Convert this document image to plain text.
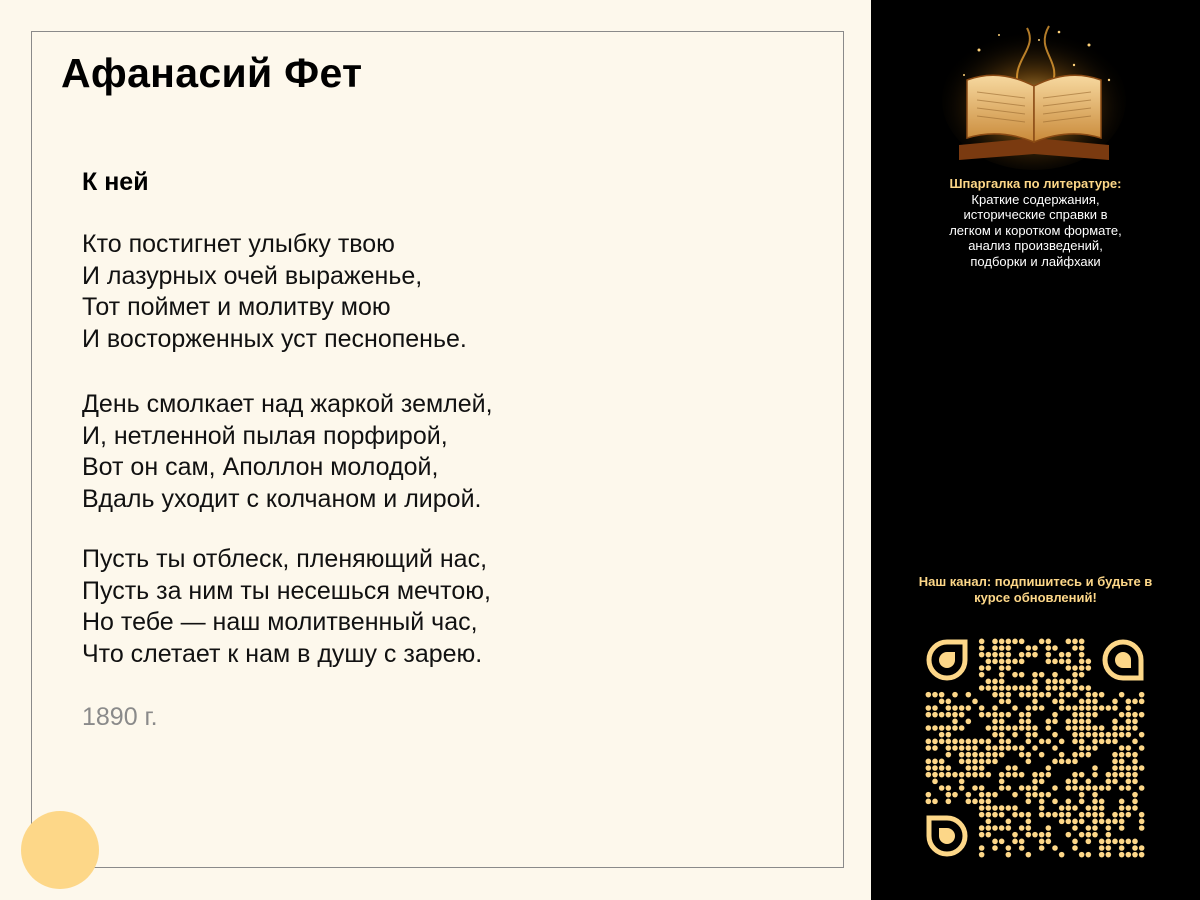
Афанасий Фет
К ней

Кто постигнет улыбку твою
И лазурных очей выраженье,
Тот поймет и молитву мою
И восторженных уст песнопенье.

День смолкает над жаркой землей,
И, нетленной пылая порфирой,
Вот он сам, Аполлон молодой,
Вдаль уходит с колчаном и лирой.

Пусть ты отблеск, пленяющий нас,
Пусть за ним ты несешься мечтою,
Но тебе — наш молитвенный час,
Что слетает к нам в душу с зарею.

1890 г.

Шпаргалка по литературе:
Краткие содержания, исторические справки в легком и коротком формате, анализ произведений, подборки и лайфхаки

Наш канал: подпишитесь и будьте в курсе обновлений!
